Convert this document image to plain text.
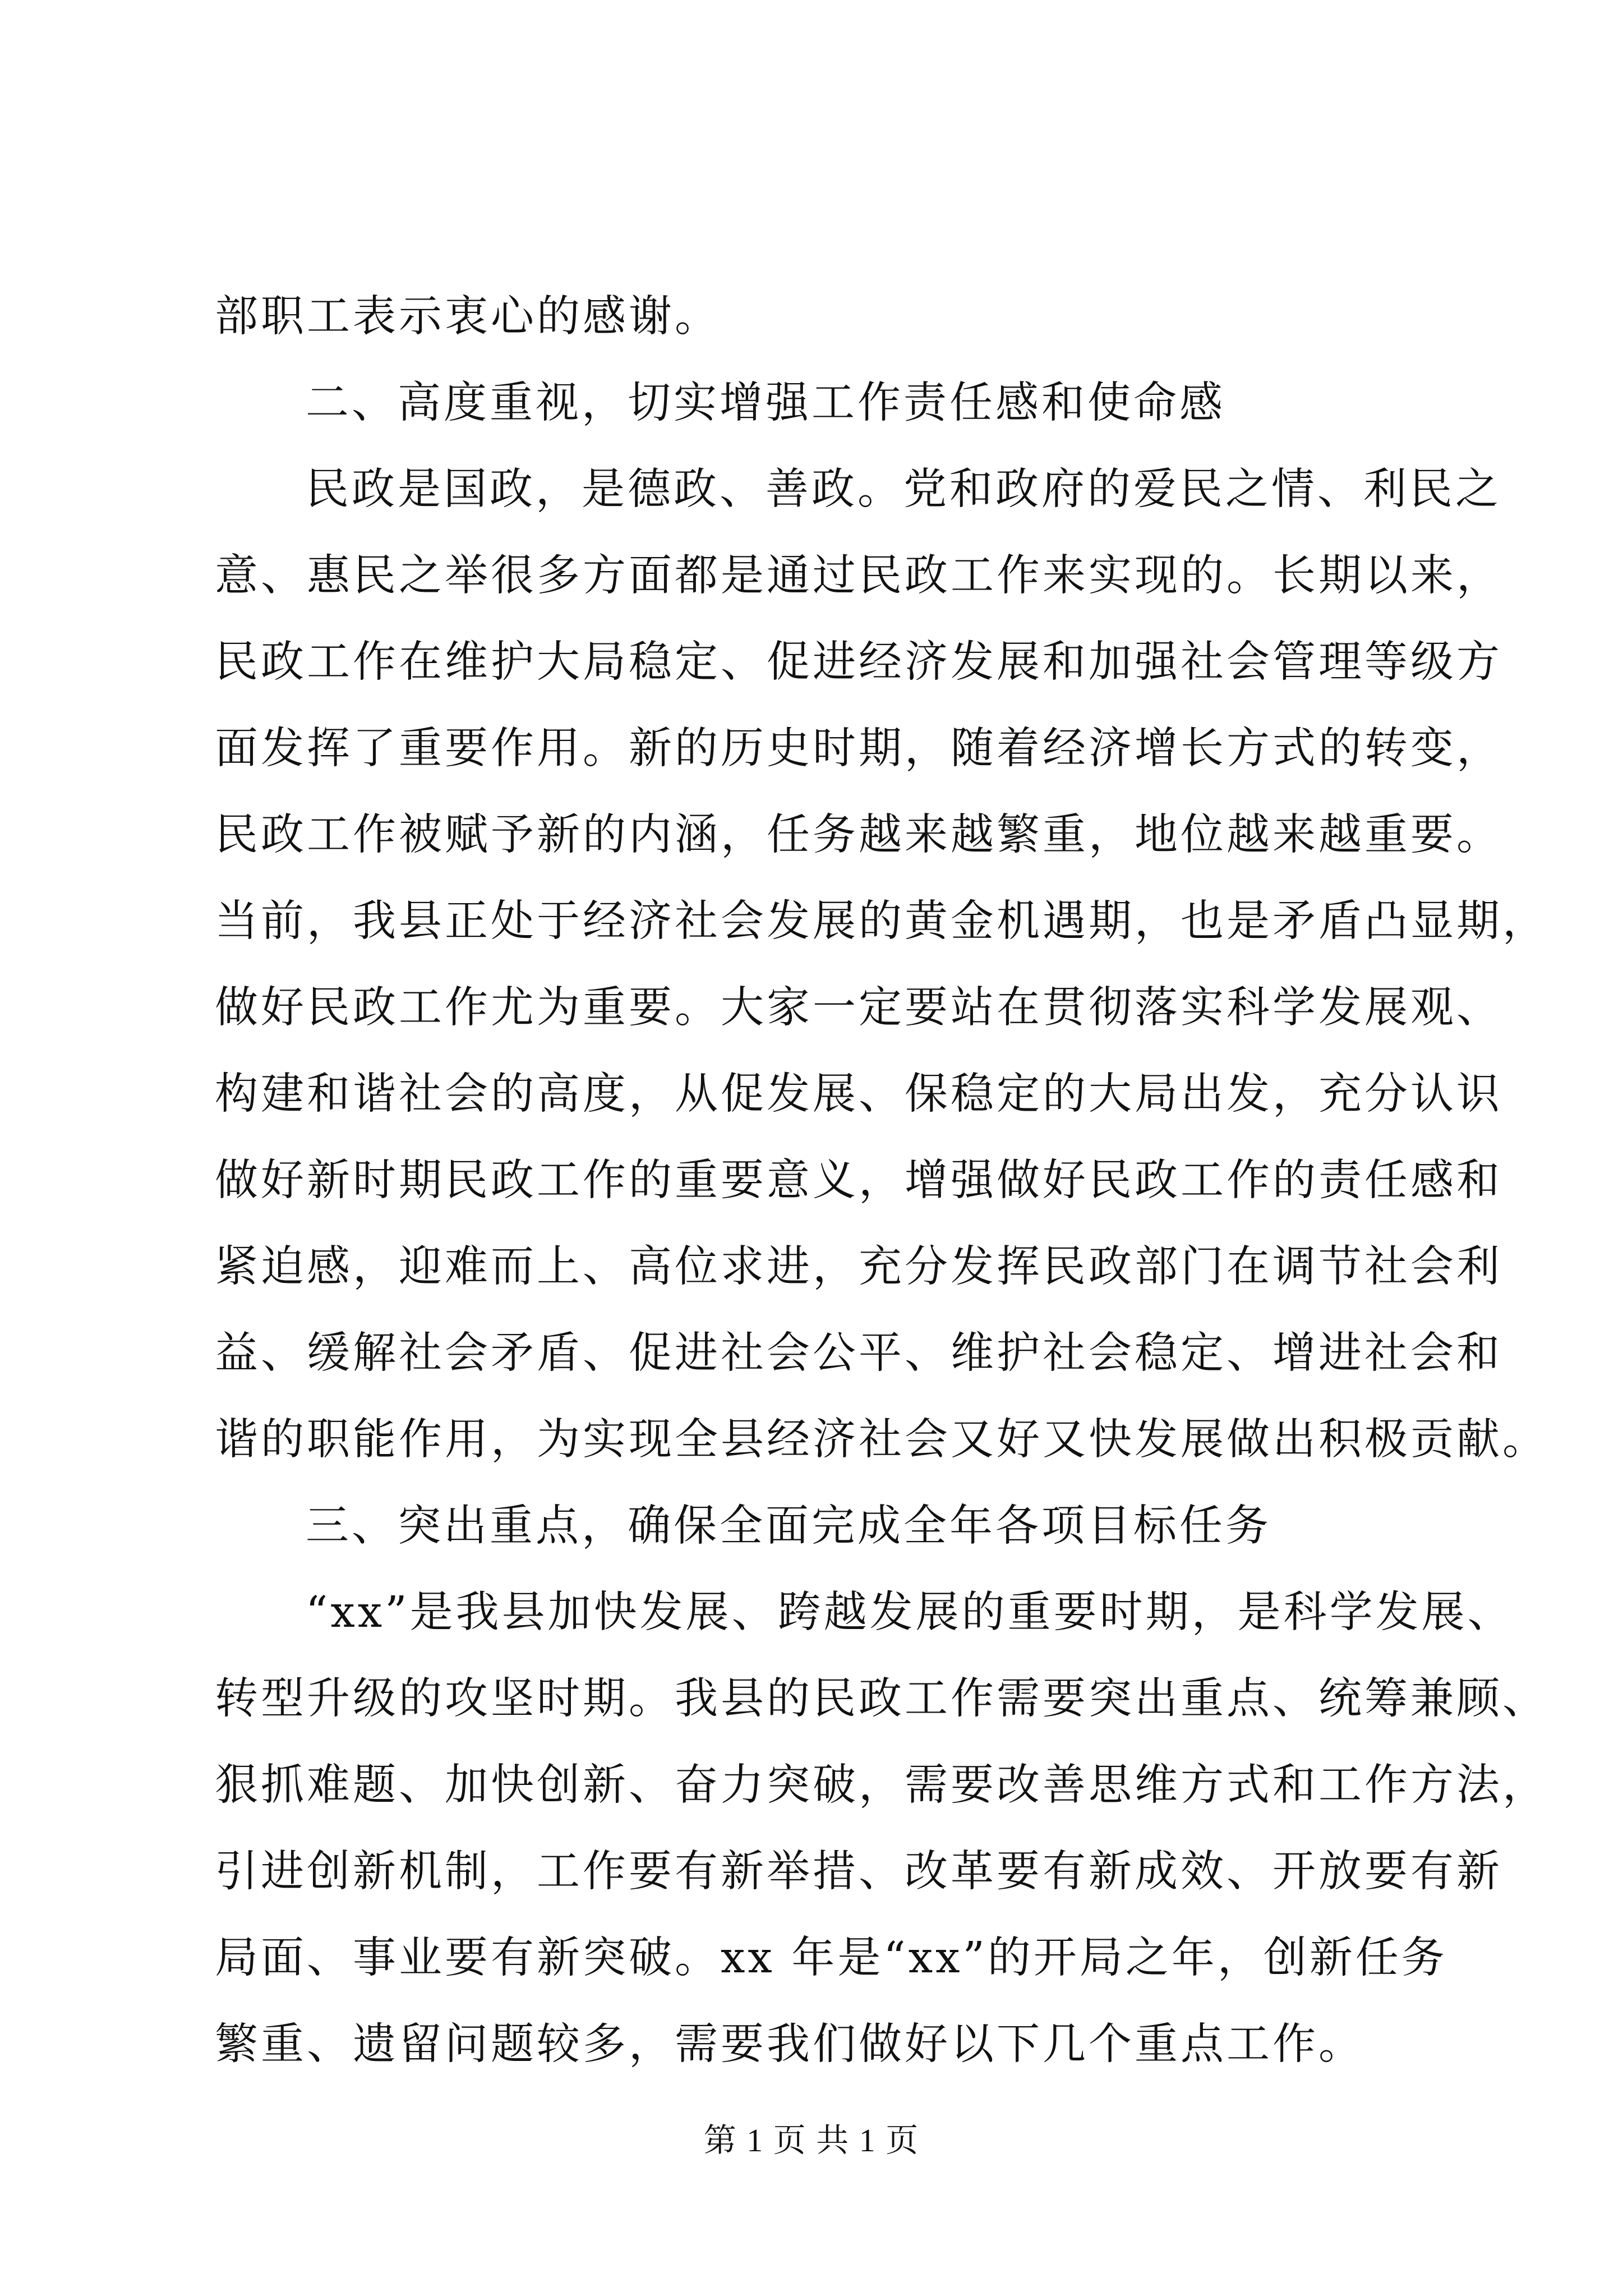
部职工表示衷心的感谢。
二、高度重视，切实增强工作责任感和使命感
民政是国政，是德政、善政。党和政府的爱民之情、利民之
意、惠民之举很多方面都是通过民政工作来实现的。长期以来，
民政工作在维护大局稳定、促进经济发展和加强社会管理等级方
面发挥了重要作用。新的历史时期，随着经济增长方式的转变，
民政工作被赋予新的内涵，任务越来越繁重，地位越来越重要。
当前，我县正处于经济社会发展的黄金机遇期，也是矛盾凸显期，
做好民政工作尤为重要。大家一定要站在贯彻落实科学发展观、
构建和谐社会的高度，从促发展、保稳定的大局出发，充分认识
做好新时期民政工作的重要意义，增强做好民政工作的责任感和
紧迫感，迎难而上、高位求进，充分发挥民政部门在调节社会利
益、缓解社会矛盾、促进社会公平、维护社会稳定、增进社会和
谐的职能作用，为实现全县经济社会又好又快发展做出积极贡献。
三、突出重点，确保全面完成全年各项目标任务
“xx”是我县加快发展、跨越发展的重要时期，是科学发展、
转型升级的攻坚时期。我县的民政工作需要突出重点、统筹兼顾、
狠抓难题、加快创新、奋力突破，需要改善思维方式和工作方法，
引进创新机制，工作要有新举措、改革要有新成效、开放要有新
局面、事业要有新突破。xx 年是“xx”的开局之年，创新任务
繁重、遗留问题较多，需要我们做好以下几个重点工作。
第 1 页 共 1 页
